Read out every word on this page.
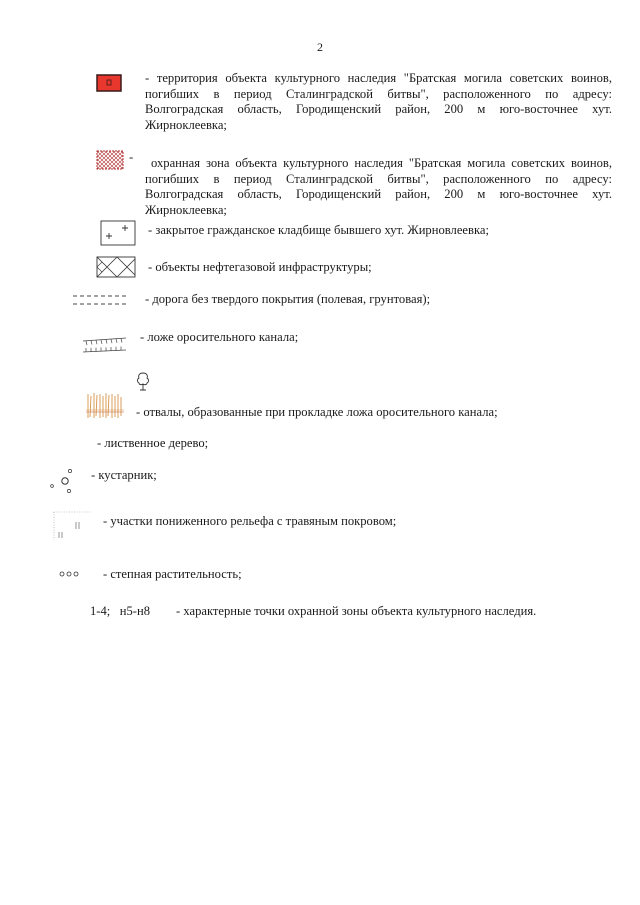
2
- территория объекта культурного наследия "Братская могила советских воинов, погибших в период Сталинградской битвы", расположенного по адресу: Волгоградская область, Городищенский район, 200 м юго-восточнее хут. Жирноклеевка;
-	охранная зона объекта культурного наследия "Братская могила советских воинов, погибших в период Сталинградской битвы", расположенного по адресу: Волгоградская область, Городищенский район, 200 м юго-восточнее хут. Жирноклеевка;
- закрытое гражданское кладбище бывшего хут. Жирновлеевка;
- объекты нефтегазовой инфраструктуры;
- дорога без твердого покрытия (полевая, грунтовая);
- ложе оросительного канала;
- отвалы, образованные при прокладке ложа оросительного канала;
- лиственное дерево;
- кустарник;
- участки пониженного рельефа с травяным покровом;
- степная растительность;
1-4;   н5-н8 - характерные точки охранной зоны объекта культурного наследия.
